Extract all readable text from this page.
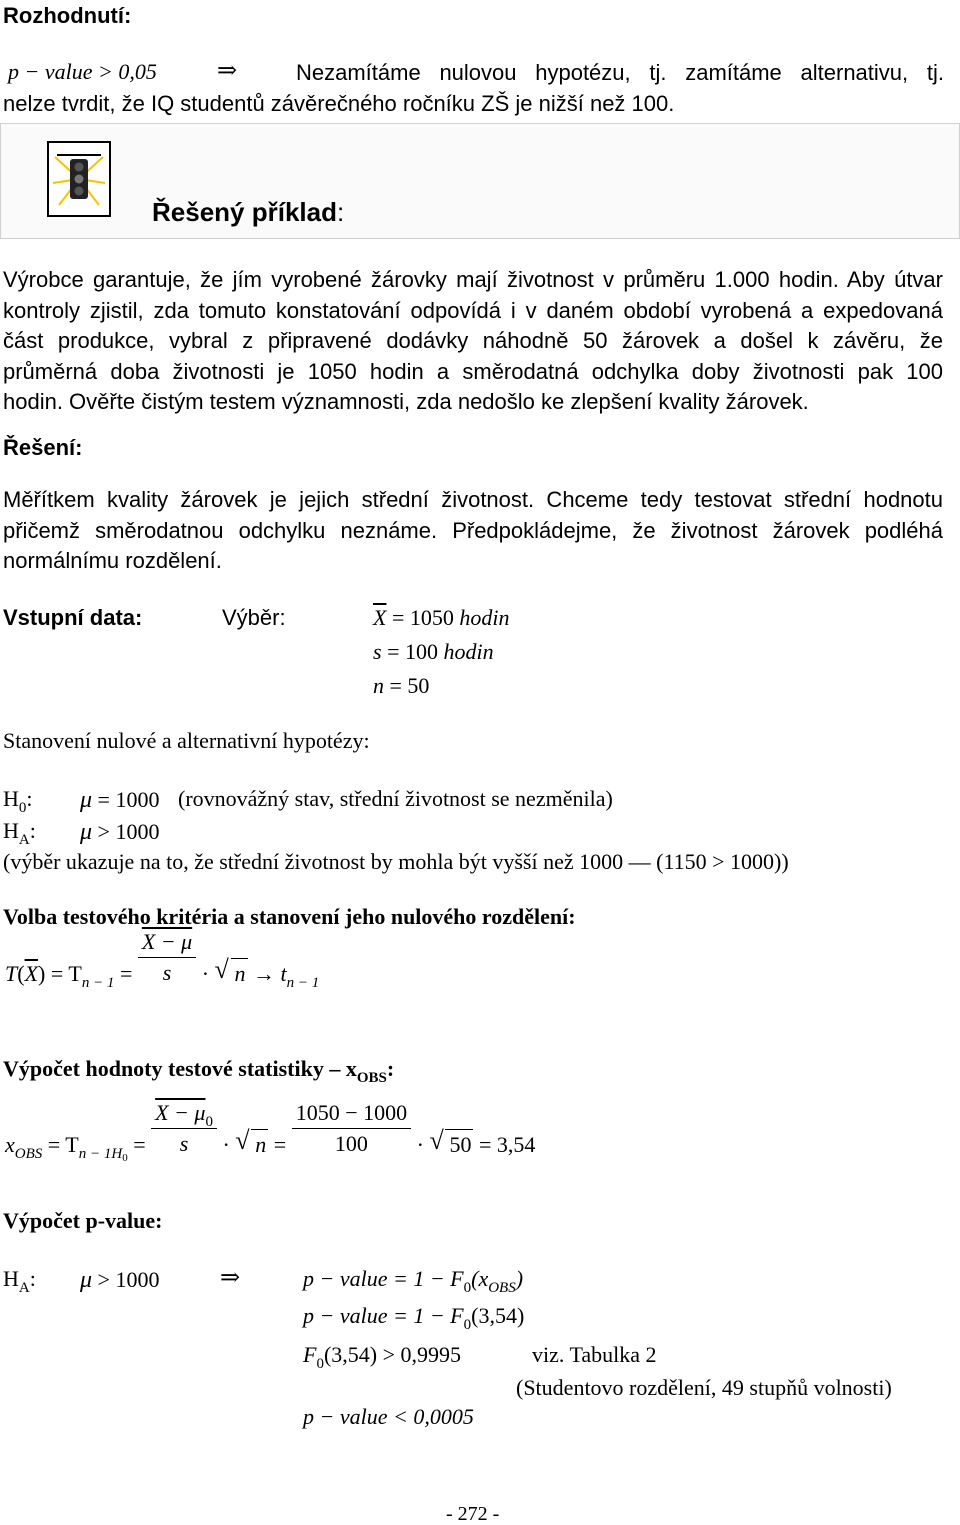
Rozhodnutí:
p − value > 0,05	⇒	Nezamítáme nulovou hypotézu, tj. zamítáme alternativu, tj.
nelze tvrdit, že IQ studentů závěrečného ročníku ZŠ je nižší než 100.
Řešený příklad:
Výrobce garantuje, že jím vyrobené žárovky mají životnost v průměru 1.000 hodin. Aby útvar
kontroly zjistil, zda tomuto konstatování odpovídá i v daném období vyrobená a expedovaná
část produkce, vybral z připravené dodávky náhodně 50 žárovek a došel k závěru, že
průměrná doba životnosti je 1050 hodin a směrodatná odchylka doby životnosti pak 100
hodin. Ověřte čistým testem významnosti, zda nedošlo ke zlepšení kvality žárovek.
Řešení:
Měřítkem kvality žárovek je jejich střední životnost. Chceme tedy testovat střední hodnotu
přičemž směrodatnou odchylku neznáme. Předpokládejme, že životnost žárovek podléhá
normálnímu rozdělení.
Vstupní data:	Výběr:	$\overline{X} = 1050$ hodin
s = 100 hodin
n = 50
Stanovení nulové a alternativní hypotézy:
$H_0$: μ = 1000 (rovnovážný stav, střední životnost se nezměnila)
$H_A$: μ > 1000
(výběr ukazuje na to, že střední životnost by mohla být vyšší než 1000 — (1150 > 1000))
Volba testového kritéria a stanovení jeho nulového rozdělení:
$T(\overline{X}) = T_{n - 1} = \frac{X - \mu}{s}$ · √ $n \to t_{n - 1}$
Výpočet hodnoty testové statistiky – $x_{OBS}$:
$x_{OBS} = T_{n - 1H0} = \frac{X - \mu_0}{s}$ · √ $n = \frac{1050 - 1000}{100}$ · √ 50 = 3,54
Výpočet p-value:
$H_A$: μ > 1000	⇒	p − value = $1 - F_0(x_{OBS})$
p − value = $1 - F_0(3,54)$
$F_0(3,54) > 0,9995$	viz. Tabulka 2
(Studentovo rozdělení, 49 stupňů volnosti)
p − value < 0,0005
- 272 -
